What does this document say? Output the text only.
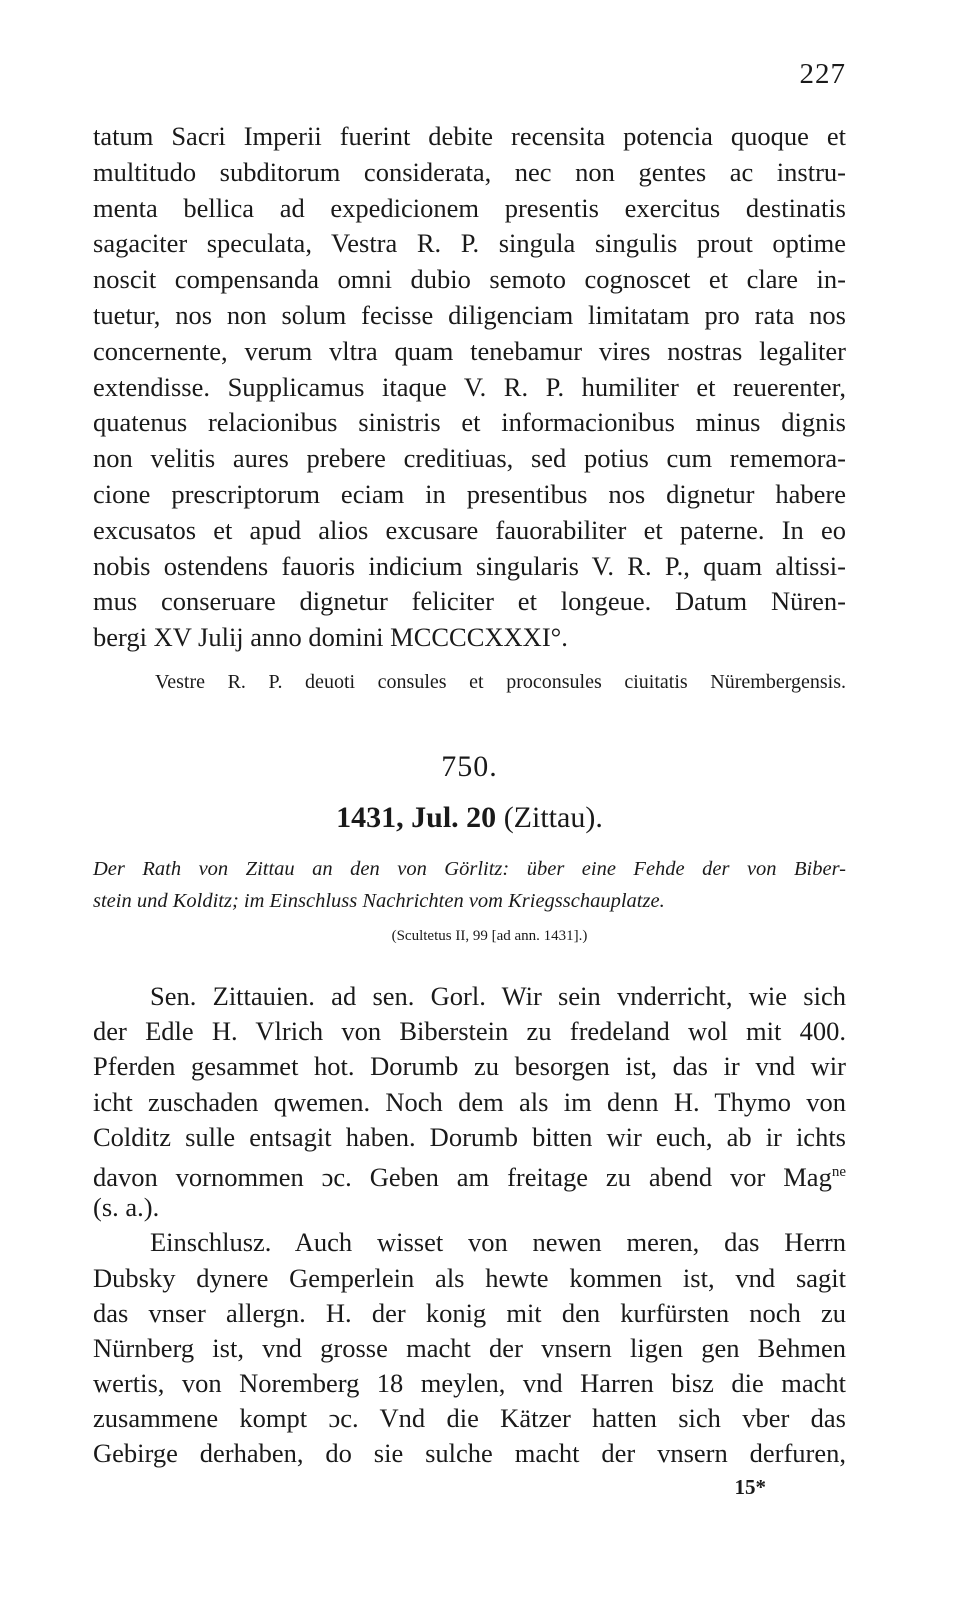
227
tatum Sacri Imperii fuerint debite recensita potencia quoque et
multitudo subditorum considerata, nec non gentes ac instru-
menta bellica ad expedicionem presentis exercitus destinatis
sagaciter speculata, Vestra R. P. singula singulis prout optime
noscit compensanda omni dubio semoto cognoscet et clare in-
tuetur, nos non solum fecisse diligenciam limitatam pro rata nos
concernente, verum vltra quam tenebamur vires nostras legaliter
extendisse. Supplicamus itaque V. R. P. humiliter et reuerenter,
quatenus relacionibus sinistris et informacionibus minus dignis
non velitis aures prebere creditiuas, sed potius cum rememora-
cione prescriptorum eciam in presentibus nos dignetur habere
excusatos et apud alios excusare fauorabiliter et paterne. In eo
nobis ostendens fauoris indicium singularis V. R. P., quam altissi-
mus conseruare dignetur feliciter et longeue. Datum Nüren-
bergi XV Julij anno domini MCCCCXXXI°.
Vestre R. P. deuoti consules et proconsules ciuitatis Nürembergensis.
750.
1431, Jul. 20 (Zittau).
Der Rath von Zittau an den von Görlitz: über eine Fehde der von Biber-
stein und Kolditz; im Einschluss Nachrichten vom Kriegsschauplatze.
(Scultetus II, 99 [ad ann. 1431].)
Sen. Zittauien. ad sen. Gorl. Wir sein vnderricht, wie sich
der Edle H. Vlrich von Biberstein zu fredeland wol mit 400.
Pferden gesammet hot. Dorumb zu besorgen ist, das ir vnd wir
icht zuschaden qwemen. Noch dem als im denn H. Thymo von
Colditz sulle entsagit haben. Dorumb bitten wir euch, ab ir ichts
davon vornommen ɔc. Geben am freitage zu abend vor Mag$^{ne}$
(s. a.).
Einschlusz. Auch wisset von newen meren, das Herrn
Dubsky dynere Gemperlein als hewte kommen ist, vnd sagit
das vnser allergn. H. der konig mit den kurfürsten noch zu
Nürnberg ist, vnd grosse macht der vnsern ligen gen Behmen
wertis, von Noremberg 18 meylen, vnd Harren bisz die macht
zusammene kompt ɔc. Vnd die Kätzer hatten sich vber das
Gebirge derhaben, do sie sulche macht der vnsern derfuren,
15*
